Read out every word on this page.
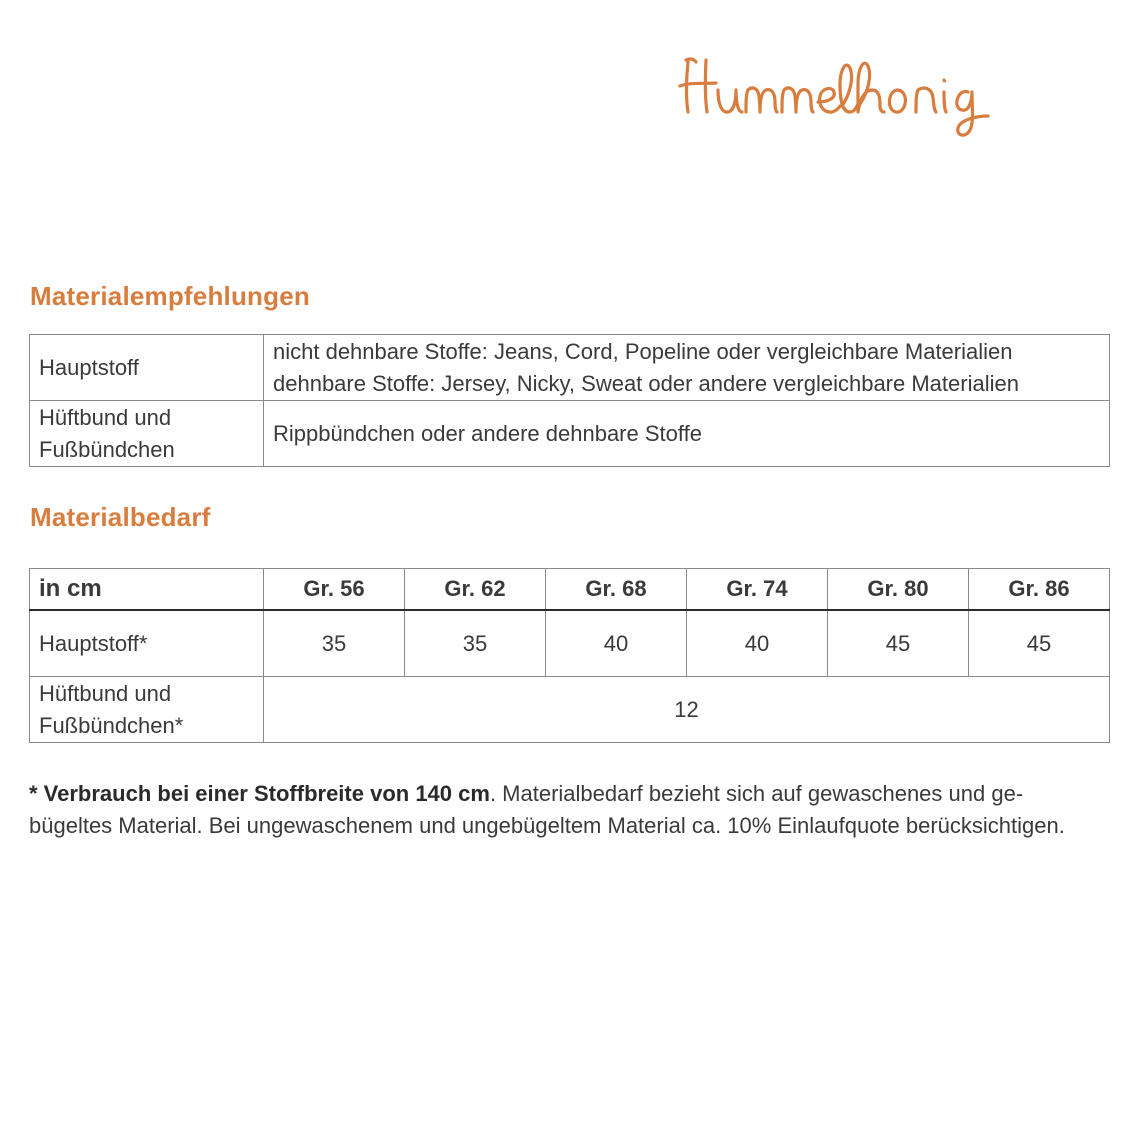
Materialempfehlungen
Hauptstoff	nicht dehnbare Stoffe: Jeans, Cord, Popeline oder vergleichbare Materialien
dehnbare Stoffe: Jersey, Nicky, Sweat oder andere vergleichbare Materialien

Hüftbund und
Fußbündchen	Rippbündchen oder andere dehnbare Stoffe
Materialbedarf
in cm	Gr. 56	Gr. 62	Gr. 68	Gr. 74	Gr. 80	Gr. 86
Hauptstoff*	35	35	40	40	45	45

Hüftbund und
Fußbündchen*	12					

* Verbrauch bei einer Stoffbreite von 140 cm. Materialbedarf bezieht sich auf gewaschenes und ge-
bügeltes Material. Bei ungewaschenem und ungebügeltem Material ca. 10% Einlaufquote berücksichtigen.
